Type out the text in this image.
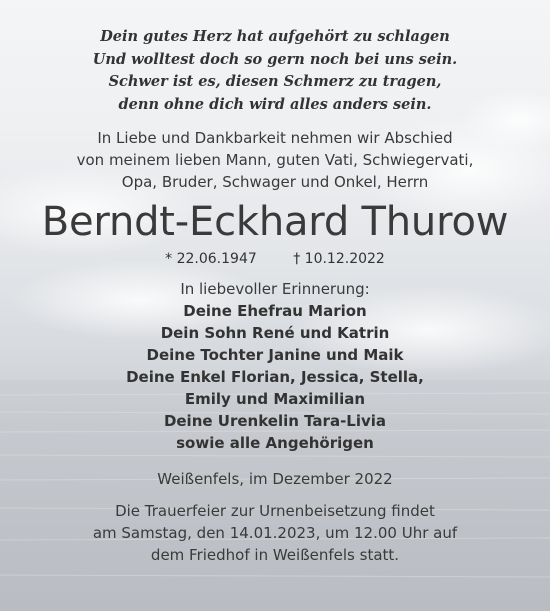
Dein gutes Herz hat aufgehört zu schlagen
Und wolltest doch so gern noch bei uns sein.
Schwer ist es, diesen Schmerz zu tragen,
denn ohne dich wird alles anders sein.
In Liebe und Dankbarkeit nehmen wir Abschied
von meinem lieben Mann, guten Vati, Schwiegervati,
Opa, Bruder, Schwager und Onkel, Herrn
Berndt-Eckhard Thurow
* 22.06.1947	† 10.12.2022
In liebevoller Erinnerung:
Deine Ehefrau Marion
Dein Sohn René und Katrin
Deine Tochter Janine und Maik
Deine Enkel Florian, Jessica, Stella,
Emily und Maximilian
Deine Urenkelin Tara-Livia
sowie alle Angehörigen
Weißenfels, im Dezember 2022
Die Trauerfeier zur Urnenbeisetzung findet
am Samstag, den 14.01.2023, um 12.00 Uhr auf
dem Friedhof in Weißenfels statt.
